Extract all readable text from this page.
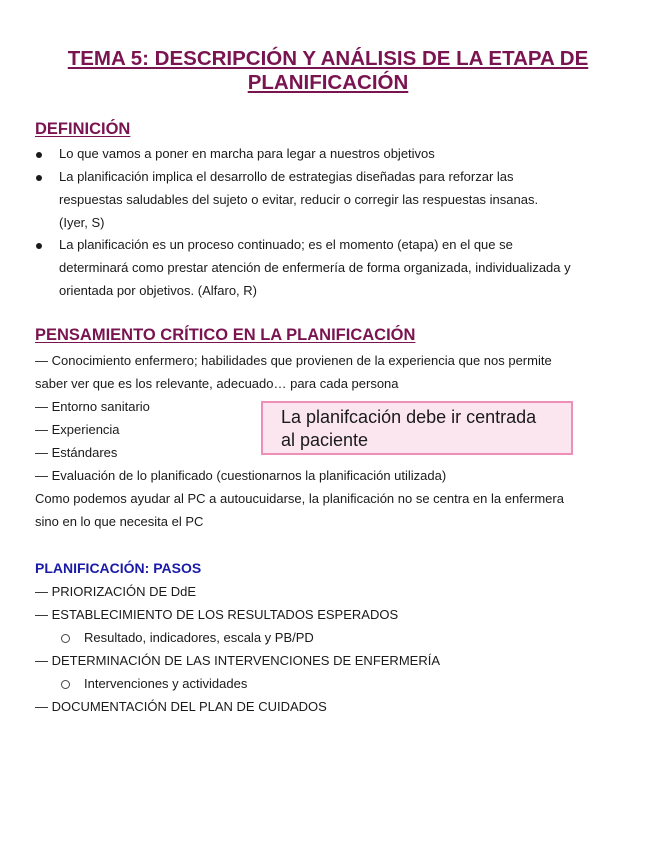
TEMA 5: DESCRIPCIÓN Y ANÁLISIS DE LA ETAPA DE
PLANIFICACIÓN
DEFINICIÓN
Lo que vamos a poner en marcha para legar a nuestros objetivos
La planificación implica el desarrollo de estrategias diseñadas para reforzar las
respuestas saludables del sujeto o evitar, reducir o corregir las respuestas insanas.
(Iyer, S)
La planificación es un proceso continuado; es el momento (etapa) en el que se
determinará como prestar atención de enfermería de forma organizada, individualizada y
orientada por objetivos. (Alfaro, R)
PENSAMIENTO CRÍTICO EN LA PLANIFICACIÓN
— Conocimiento enfermero; habilidades que provienen de la experiencia que nos permite
saber ver que es los relevante, adecuado… para cada persona
— Entorno sanitario
— Experiencia
— Estándares
— Evaluación de lo planificado (cuestionarnos la planificación utilizada)
Como podemos ayudar al PC a autoucuidarse, la planificación no se centra en la enfermera
sino en lo que necesita el PC
La planifcación debe ir centrada
al paciente
PLANIFICACIÓN: PASOS
— PRIORIZACIÓN DE DdE
— ESTABLECIMIENTO DE LOS RESULTADOS ESPERADOS
Resultado, indicadores, escala y PB/PD
— DETERMINACIÓN DE LAS INTERVENCIONES DE ENFERMERÍA
Intervenciones y actividades
— DOCUMENTACIÓN DEL PLAN DE CUIDADOS
